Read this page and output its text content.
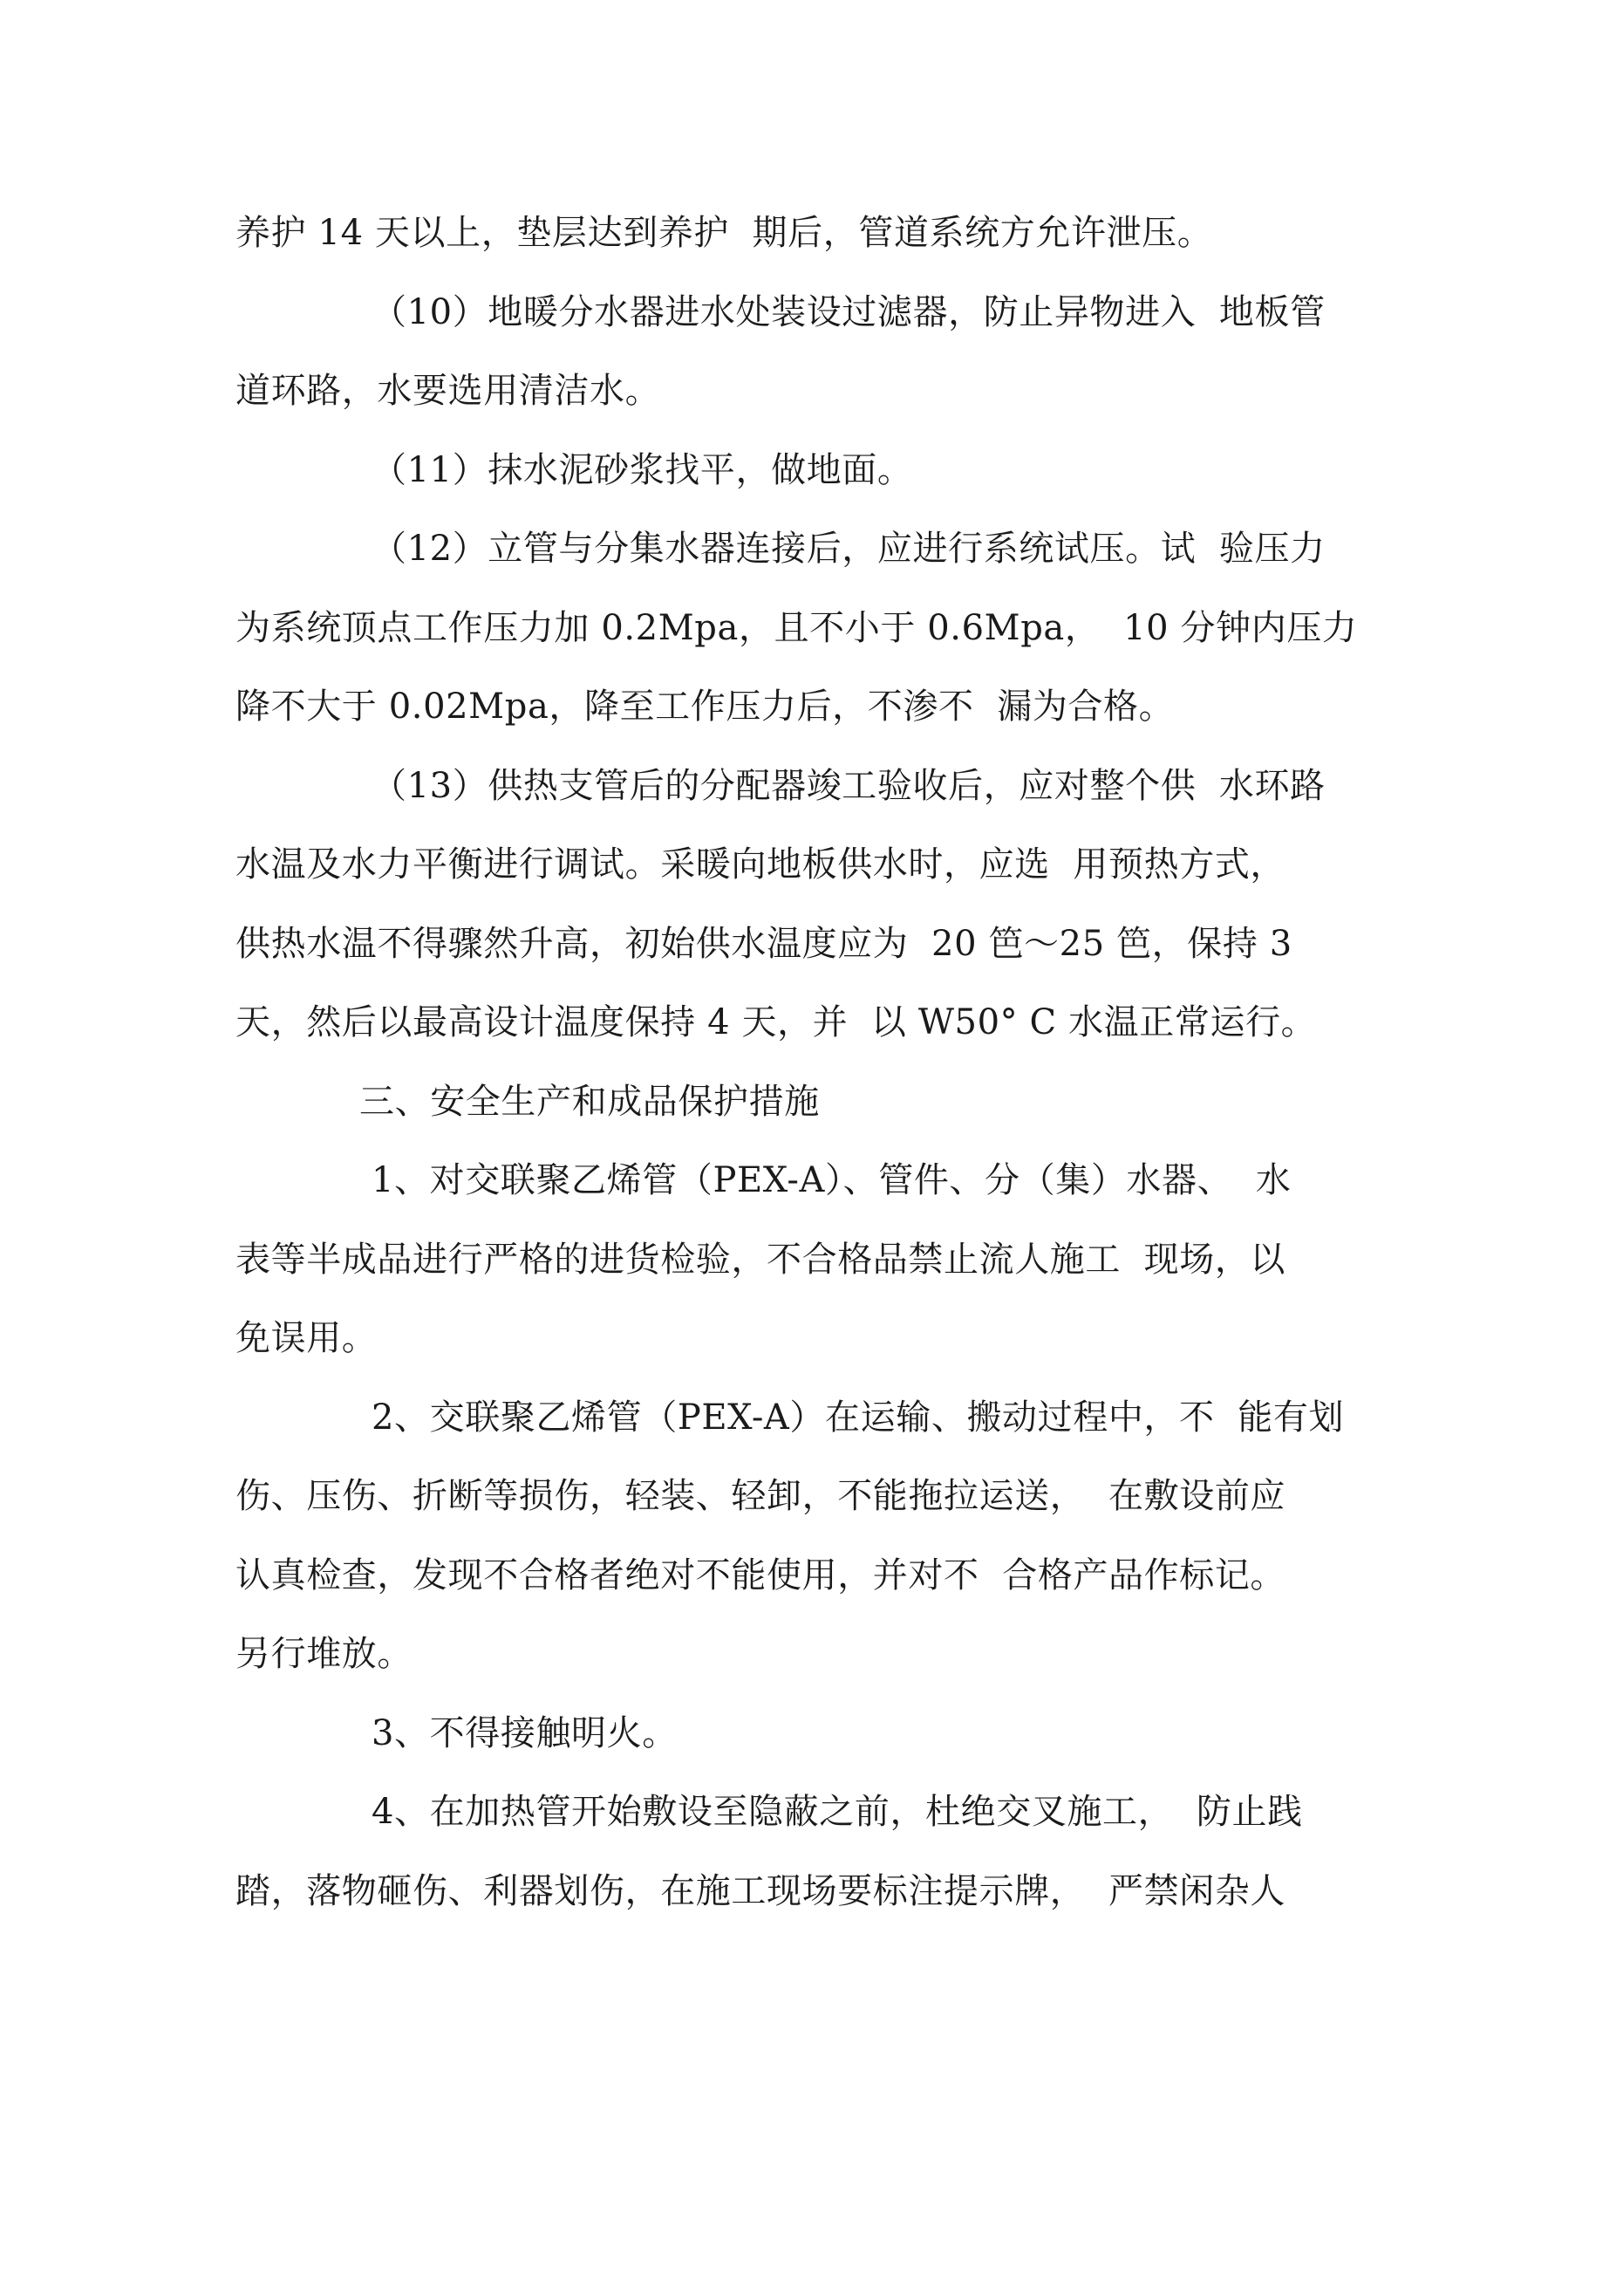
养护 14 天以上，垫层达到养护  期后，管道系统方允许泄压。
（10）地暖分水器进水处装设过滤器，防止异物进入  地板管
道环路，水要选用清洁水。
（11）抹水泥砂浆找平，做地面。
（12）立管与分集水器连接后，应进行系统试压。试  验压力
为系统顶点工作压力加 0.2Mpa，且不小于 0.6Mpa，  10 分钟内压力
降不大于 0.02Mpa，降至工作压力后，不渗不  漏为合格。
（13）供热支管后的分配器竣工验收后，应对整个供  水环路
水温及水力平衡进行调试。采暖向地板供水时，应选  用预热方式，
供热水温不得骤然升高，初始供水温度应为  20 笆〜25 笆，保持 3
天，然后以最高设计温度保持 4 天，并  以 W50° C 水温正常运行。
三、安全生产和成品保护措施
1、对交联聚乙烯管（PEX-A）、管件、分（集）水器、  水
表等半成品进行严格的进货检验，不合格品禁止流人施工  现场，以
免误用。
2、交联聚乙烯管（PEX-A）在运输、搬动过程中，不  能有划
伤、压伤、折断等损伤，轻装、轻卸，不能拖拉运送，  在敷设前应
认真检查，发现不合格者绝对不能使用，并对不  合格产品作标记。
另行堆放。
3、不得接触明火。
4、在加热管开始敷设至隐蔽之前，杜绝交叉施工，  防止践
踏，落物砸伤、利器划伤，在施工现场要标注提示牌，  严禁闲杂人
